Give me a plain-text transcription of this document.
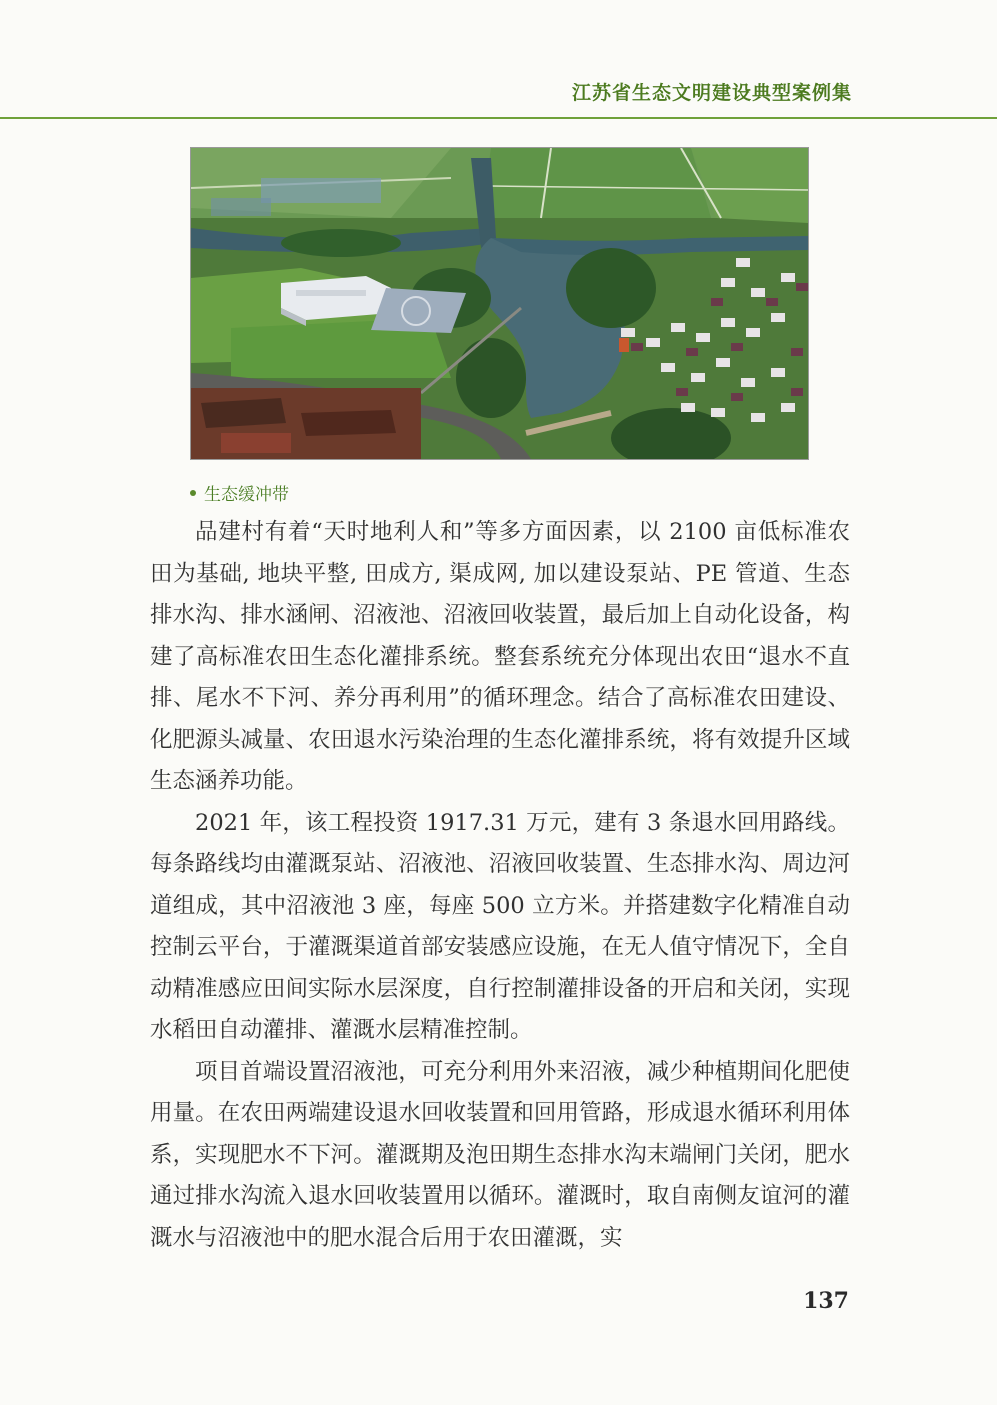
江苏省生态文明建设典型案例集
生态缓冲带

品建村有着“天时地利人和”等多方面因素，以 2100 亩低标准农田为基础, 地块平整, 田成方, 渠成网, 加以建设泵站、PE 管道、生态排水沟、排水涵闸、沼液池、沼液回收装置，最后加上自动化设备，构建了高标准农田生态化灌排系统。整套系统充分体现出农田“退水不直排、尾水不下河、养分再利用”的循环理念。结合了高标准农田建设、化肥源头减量、农田退水污染治理的生态化灌排系统，将有效提升区域生态涵养功能。

2021 年，该工程投资 1917.31 万元，建有 3 条退水回用路线。每条路线均由灌溉泵站、沼液池、沼液回收装置、生态排水沟、周边河道组成，其中沼液池 3 座，每座 500 立方米。并搭建数字化精准自动控制云平台，于灌溉渠道首部安装感应设施，在无人值守情况下，全自动精准感应田间实际水层深度，自行控制灌排设备的开启和关闭，实现水稻田自动灌排、灌溉水层精准控制。

项目首端设置沼液池，可充分利用外来沼液，减少种植期间化肥使用量。在农田两端建设退水回收装置和回用管路，形成退水循环利用体系，实现肥水不下河。灌溉期及泡田期生态排水沟末端闸门关闭，肥水通过排水沟流入退水回收装置用以循环。灌溉时，取自南侧友谊河的灌溉水与沼液池中的肥水混合后用于农田灌溉，实

137
